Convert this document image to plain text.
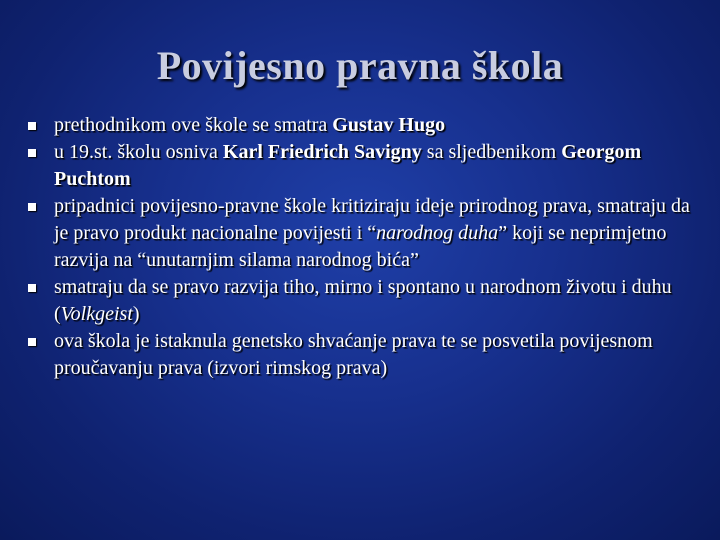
Povijesno pravna škola
prethodnikom ove škole se smatra Gustav Hugo
u 19.st. školu osniva Karl Friedrich Savigny sa sljedbenikom Georgom Puchtom
pripadnici povijesno-pravne škole kritiziraju ideje prirodnog prava, smatraju da je pravo produkt nacionalne povijesti i “narodnog duha” koji se neprimjetno razvija na “unutarnjim silama narodnog bića”
smatraju da se pravo razvija tiho, mirno i spontano u narodnom životu i duhu (Volkgeist)
ova škola je istaknula genetsko shvaćanje prava te se posvetila povijesnom proučavanju prava (izvori rimskog prava)
